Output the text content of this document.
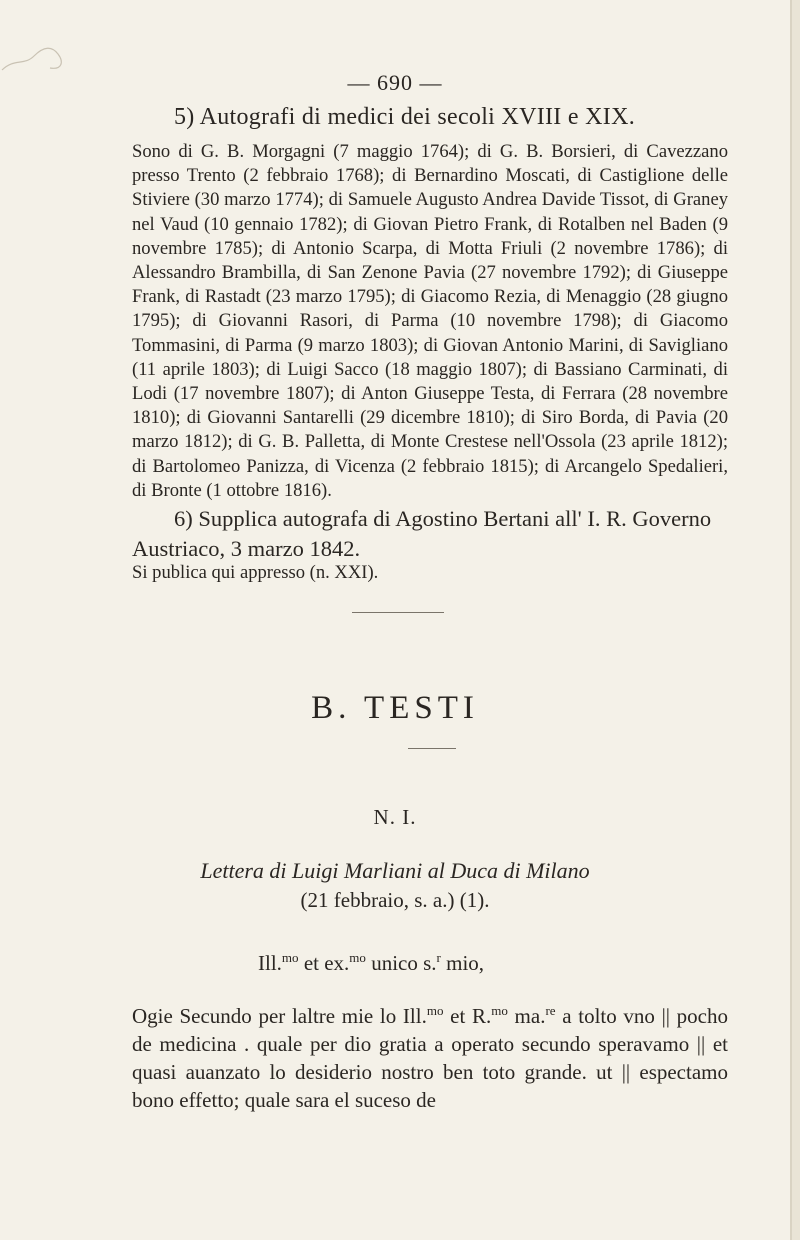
— 690 —
5) Autografi di medici dei secoli XVIII e XIX.
Sono di G. B. Morgagni (7 maggio 1764); di G. B. Borsieri, di Cavezzano presso Trento (2 febbraio 1768); di Bernardino Moscati, di Castiglione delle Stiviere (30 marzo 1774); di Samuele Augusto Andrea Davide Tissot, di Graney nel Vaud (10 gennaio 1782); di Giovan Pietro Frank, di Rotalben nel Baden (9 novembre 1785); di Antonio Scarpa, di Motta Friuli (2 novembre 1786); di Alessandro Brambilla, di San Zenone Pavia (27 novembre 1792); di Giuseppe Frank, di Rastadt (23 marzo 1795); di Giacomo Rezia, di Menaggio (28 giugno 1795); di Giovanni Rasori, di Parma (10 novembre 1798); di Giacomo Tommasini, di Parma (9 marzo 1803); di Giovan Antonio Marini, di Savigliano (11 aprile 1803); di Luigi Sacco (18 maggio 1807); di Bassiano Carminati, di Lodi (17 novembre 1807); di Anton Giuseppe Testa, di Ferrara (28 novembre 1810); di Giovanni Santarelli (29 dicembre 1810); di Siro Borda, di Pavia (20 marzo 1812); di G. B. Palletta, di Monte Crestese nell'Ossola (23 aprile 1812); di Bartolomeo Panizza, di Vicenza (2 febbraio 1815); di Arcangelo Spedalieri, di Bronte (1 ottobre 1816).
6) Supplica autografa di Agostino Bertani all' I. R. Governo
Austriaco, 3 marzo 1842.
Si publica qui appresso (n. XXI).
B. TESTI
N. I.
Lettera di Luigi Marliani al Duca di Milano
(21 febbraio, s. a.) (1).
Ill.$^{mo}$ et ex.$^{mo}$ unico s.$^r$ mio,
Ogie Secundo per laltre mie lo Ill.$^{mo}$ et R.$^{mo}$ ma.$^{re}$ a tolto vno || pocho de medicina . quale per dio gratia a operato secundo speravamo || et quasi auanzato lo desiderio nostro ben toto grande. ut || espectamo bono effetto; quale sara el suceso de
